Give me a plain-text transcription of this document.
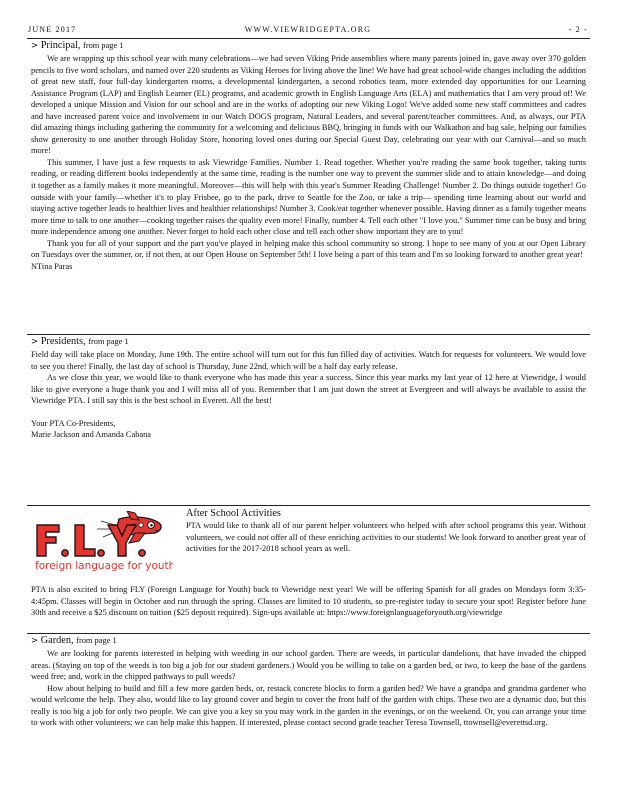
JUNE 2017	WWW.VIEWRIDGEPTA.ORG	- 2 -
> Principal, from page 1

We are wrapping up this school year with many celebrations—we had seven Viking Pride assemblies where many parents joined in, gave away over 370 golden pencils to five word scholars, and named over 220 students as Viking Heroes for living above the line! We have had great school-wide changes including the addition of great new staff, four full-day kindergarten rooms, a developmental kindergarten, a second robotics team, more extended day opportunities for our Learning Assistance Program (LAP) and English Learner (EL) programs, and academic growth in English Language Arts (ELA) and mathematics that I am very proud of! We developed a unique Mission and Vision for our school and are in the works of adopting our new Viking Logo! We've added some new staff committees and cadres and have increased parent voice and involvement in our Watch DOGS program, Natural Leaders, and several parent/teacher committees. And, as always, our PTA did amazing things including gathering the community for a welcoming and delicious BBQ, bringing in funds with our Walkathon and bag sale, helping our families show generosity to one another through Holiday Store, honoring loved ones during our Special Guest Day, celebrating our year with our Carnival—and so much more!

This summer, I have just a few requests to ask Viewridge Families. Number 1. Read together. Whether you're reading the same book together, taking turns reading, or reading different books independently at the same time, reading is the number one way to prevent the summer slide and to attain knowledge—and doing it together as a family makes it more meaningful. Moreover—this will help with this year's Summer Reading Challenge! Number 2. Do things outside together! Go outside with your family—whether it's to play Frisbee, go to the park, drive to Seattle for the Zoo, or take a trip— spending time learning about our world and staying active together leads to healthier lives and healthier relationships! Number 3. Cook/eat together whenever possible. Having dinner as a family together means more time to talk to one another—cooking together raises the quality even more! Finally, number 4. Tell each other "I love you." Summer time can be busy and bring more independence among one another. Never forget to hold each other close and tell each other show important they are to you!

Thank you for all of your support and the part you've played in helping make this school community so strong. I hope to see many of you at our Open Library on Tuesdays over the summer, or, if not then, at our Open House on September 5th! I love being a part of this team and I'm so looking forward to another great year!

NTina Paras

> Presidents, from page 1

Field day will take place on Monday, June 19th. The entire school will turn out for this fun filled day of activities. Watch for requests for volunteers. We would love to see you there! Finally, the last day of school is Thursday, June 22nd, which will be a half day early release.

As we close this year, we would like to thank everyone who has made this year a success. Since this year marks my last year of 12 here at Viewridge, I would like to give everyone a huge thank you and I will miss all of you. Remember that I am just down the street at Evergreen and will always be available to assist the Viewridge PTA. I still say this is the best school in Everett. All the best!

Your PTA Co-Presidents,

Marie Jackson and Amanda Cabana

foreign language for youth
After School Activities

PTA would like to thank all of our parent helper volunteers who helped with after school programs this year. Without volunteers, we could not offer all of these enriching activities to our students! We look forward to another great year of activities for the 2017-2018 school years as well.

PTA is also excited to bring FLY (Foreign Language for Youth) back to Viewridge next year! We will be offering Spanish for all grades on Mondays form 3:35- 4:45pm. Classes will begin in October and run through the spring. Classes are limited to 10 students, so pre-register today to secure your spot! Register before June 30th and receive a $25 discount on tuition ($25 deposit required). Sign-ups available at: https://www.foreignlanguageforyouth.org/viewridge

> Garden, from page 1

We are looking for parents interested in helping with weeding in our school garden. There are weeds, in particular dandelions, that have invaded the chipped areas. (Staying on top of the weeds is too big a job for our student gardeners.) Would you be willing to take on a garden bed, or two, to keep the base of the gardens weed free; and, work in the chipped pathways to pull weeds?

How about helping to build and fill a few more garden beds, or, restack concrete blocks to form a garden bed? We have a grandpa and grandma gardener who would welcome the help. They also, would like to lay ground cover and begin to cover the front half of the garden with chips. These two are a dynamic duo, but this really is too big a job for only two people. We can give you a key so you may work in the garden in the evenings, or on the weekend. Or, you can arrange your time to work with other volunteers; we can help make this happen. If interested, please contact second grade teacher Teresa Townsell, ttownsell@everettsd.org.
